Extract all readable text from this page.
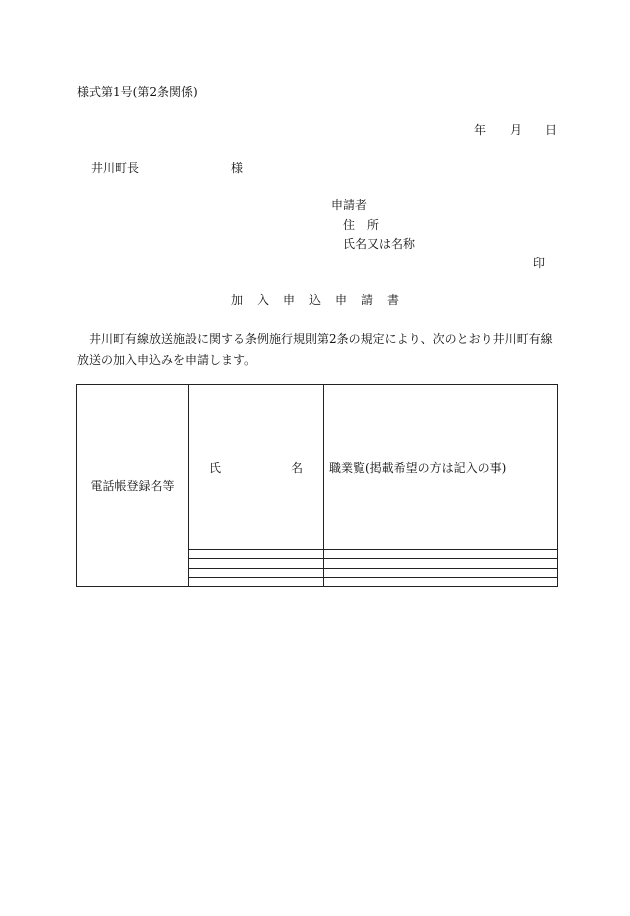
様式第1号(第2条関係)
年 月 日
井川町長	様
申請者
住　所
氏名又は名称
印
加入申込申請書
井川町有線放送施設に関する条例施行規則第2条の規定により、次のとおり井川町有線放送の加入申込みを申請します。
電話帳登録名等	氏 名	職業覧(掲載希望の方は記入の事)
